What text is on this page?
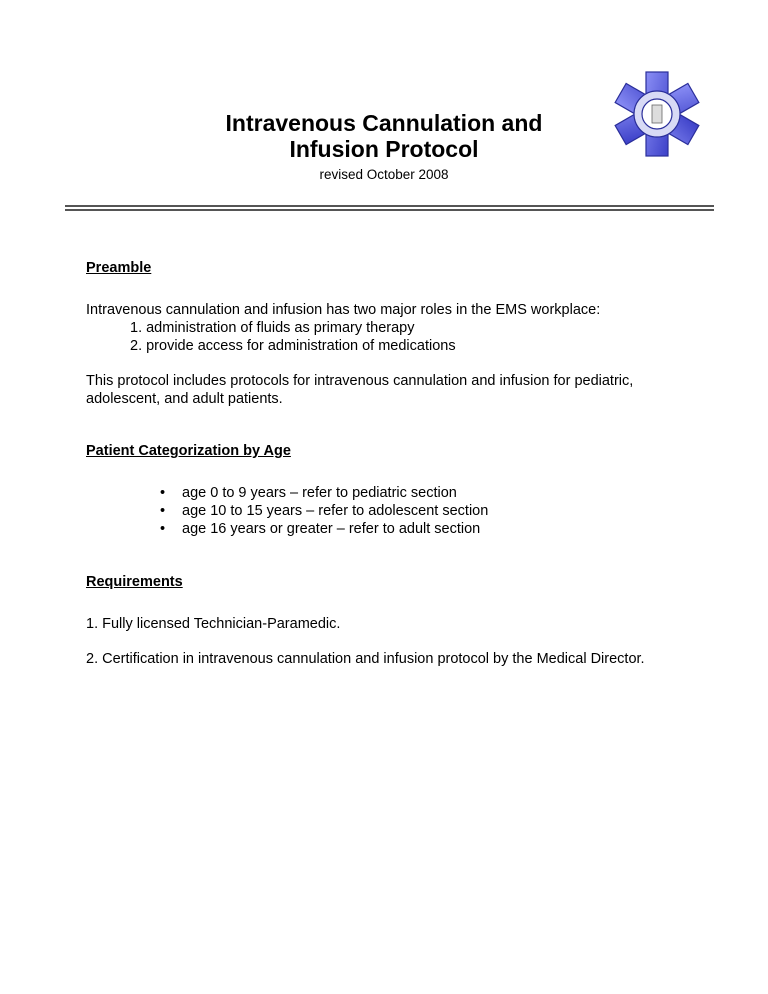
Intravenous Cannulation and
Infusion Protocol
revised October 2008
Preamble
Intravenous cannulation and infusion has two major roles in the EMS workplace:
1. administration of fluids as primary therapy
2. provide access for administration of medications
This protocol includes protocols for intravenous cannulation and infusion for pediatric,
adolescent, and adult patients.
Patient Categorization by Age
• age 0 to 9 years – refer to pediatric section
• age 10 to 15 years – refer to adolescent section
• age 16 years or greater – refer to adult section
Requirements
1. Fully licensed Technician-Paramedic.
2. Certification in intravenous cannulation and infusion protocol by the Medical Director.
